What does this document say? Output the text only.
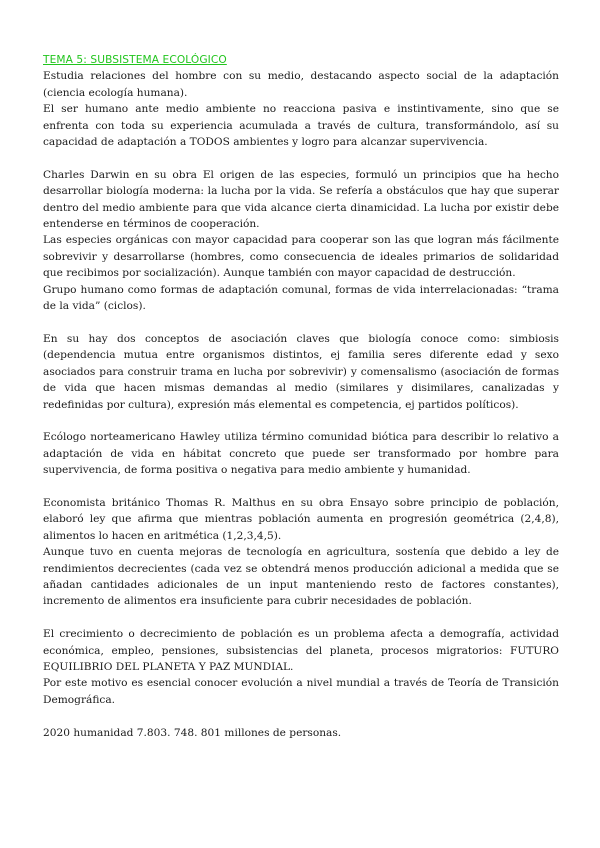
TEMA 5: SUBSISTEMA ECOLÓGICO

Estudia relaciones del hombre con su medio, destacando aspecto social de la adaptación (ciencia ecología humana).

El ser humano ante medio ambiente no reacciona pasiva e instintivamente, sino que se enfrenta con toda su experiencia acumulada a través de cultura, transformándolo, así su capacidad de adaptación a TODOS ambientes y logro para alcanzar supervivencia.

Charles Darwin en su obra El origen de las especies, formuló un principios que ha hecho desarrollar biología moderna: la lucha por la vida. Se refería a obstáculos que hay que superar dentro del medio ambiente para que vida alcance cierta dinamicidad. La lucha por existir debe entenderse en términos de cooperación.

Las especies orgánicas con mayor capacidad para cooperar son las que logran más fácilmente sobrevivir y desarrollarse (hombres, como consecuencia de ideales primarios de solidaridad que recibimos por socialización). Aunque también con mayor capacidad de destrucción.

Grupo humano como formas de adaptación comunal, formas de vida interrelacionadas: “trama de la vida” (ciclos).

En su hay dos conceptos de asociación claves que biología conoce como: simbiosis (dependencia mutua entre organismos distintos, ej familia seres diferente edad y sexo asociados para construir trama en lucha por sobrevivir) y comensalismo (asociación de formas de vida que hacen mismas demandas al medio (similares y disimilares, canalizadas y redefinidas por cultura), expresión más elemental es competencia, ej partidos políticos).

Ecólogo norteamericano Hawley utiliza término comunidad biótica para describir lo relativo a adaptación de vida en hábitat concreto que puede ser transformado por hombre para supervivencia, de forma positiva o negativa para medio ambiente y humanidad.

Economista británico Thomas R. Malthus en su obra Ensayo sobre principio de población, elaboró ley que afirma que mientras población aumenta en progresión geométrica (2,4,8), alimentos lo hacen en aritmética (1,2,3,4,5).

Aunque tuvo en cuenta mejoras de tecnología en agricultura, sostenía que debido a ley de rendimientos decrecientes (cada vez se obtendrá menos producción adicional a medida que se añadan cantidades adicionales de un input manteniendo resto de factores constantes), incremento de alimentos era insuficiente para cubrir necesidades de población.

El crecimiento o decrecimiento de población es un problema afecta a demografía, actividad económica, empleo, pensiones, subsistencias del planeta, procesos migratorios: FUTURO EQUILIBRIO DEL PLANETA Y PAZ MUNDIAL.

Por este motivo es esencial conocer evolución a nivel mundial a través de Teoría de Transición Demográfica.

2020 humanidad 7.803. 748. 801 millones de personas.
